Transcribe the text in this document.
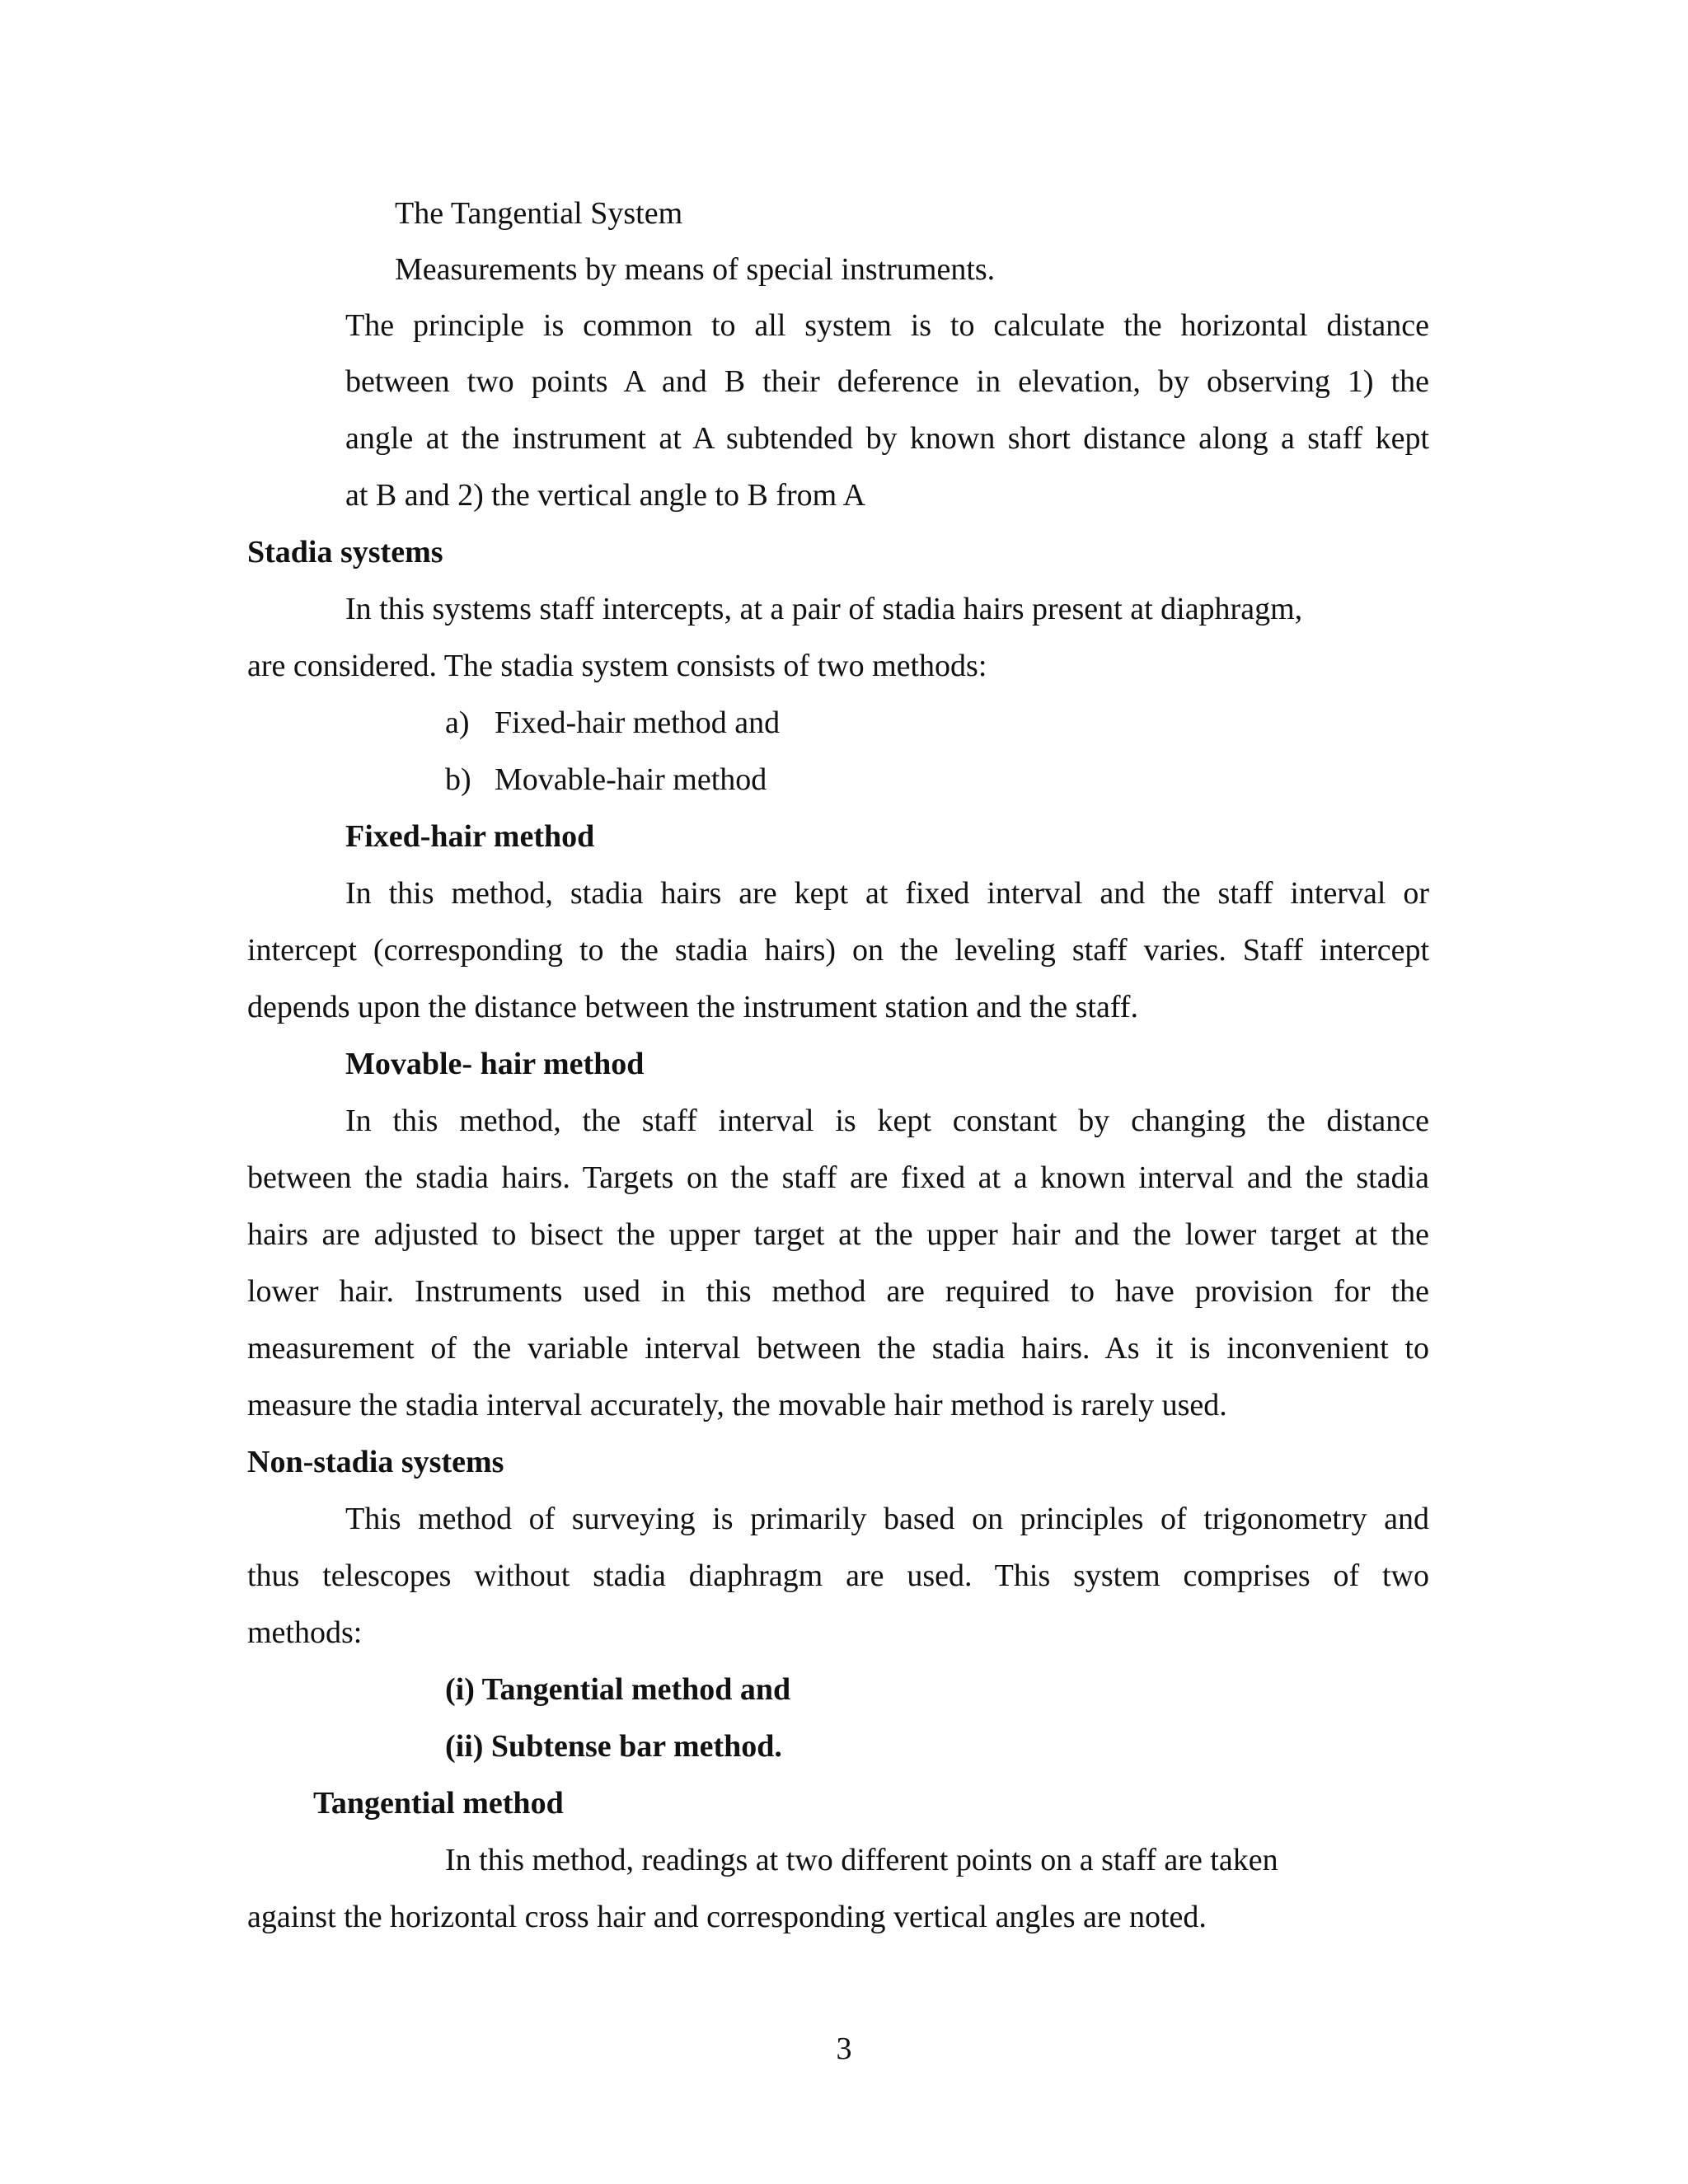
The Tangential System
Measurements by means of special instruments.
The principle is common to all system is to calculate the horizontal distance
between two points A and B their deference in elevation, by observing 1) the
angle at the instrument at A subtended by known short distance along a staff kept
at B and 2) the vertical angle to B from A
Stadia systems
In this systems staff intercepts, at a pair of stadia hairs present at diaphragm,
are considered. The stadia system consists of two methods:
a) Fixed-hair method and
b) Movable-hair method
Fixed-hair method
In this method, stadia hairs are kept at fixed interval and the staff interval or
intercept (corresponding to the stadia hairs) on the leveling staff varies. Staff intercept
depends upon the distance between the instrument station and the staff.
Movable- hair method
In this method, the staff interval is kept constant by changing the distance
between the stadia hairs. Targets on the staff are fixed at a known interval and the stadia
hairs are adjusted to bisect the upper target at the upper hair and the lower target at the
lower hair. Instruments used in this method are required to have provision for the
measurement of the variable interval between the stadia hairs. As it is inconvenient to
measure the stadia interval accurately, the movable hair method is rarely used.
Non-stadia systems
This method of surveying is primarily based on principles of trigonometry and
thus telescopes without stadia diaphragm are used. This system comprises of two
methods:
(i) Tangential method and
(ii) Subtense bar method.
Tangential method
In this method, readings at two different points on a staff are taken
against the horizontal cross hair and corresponding vertical angles are noted.
3
